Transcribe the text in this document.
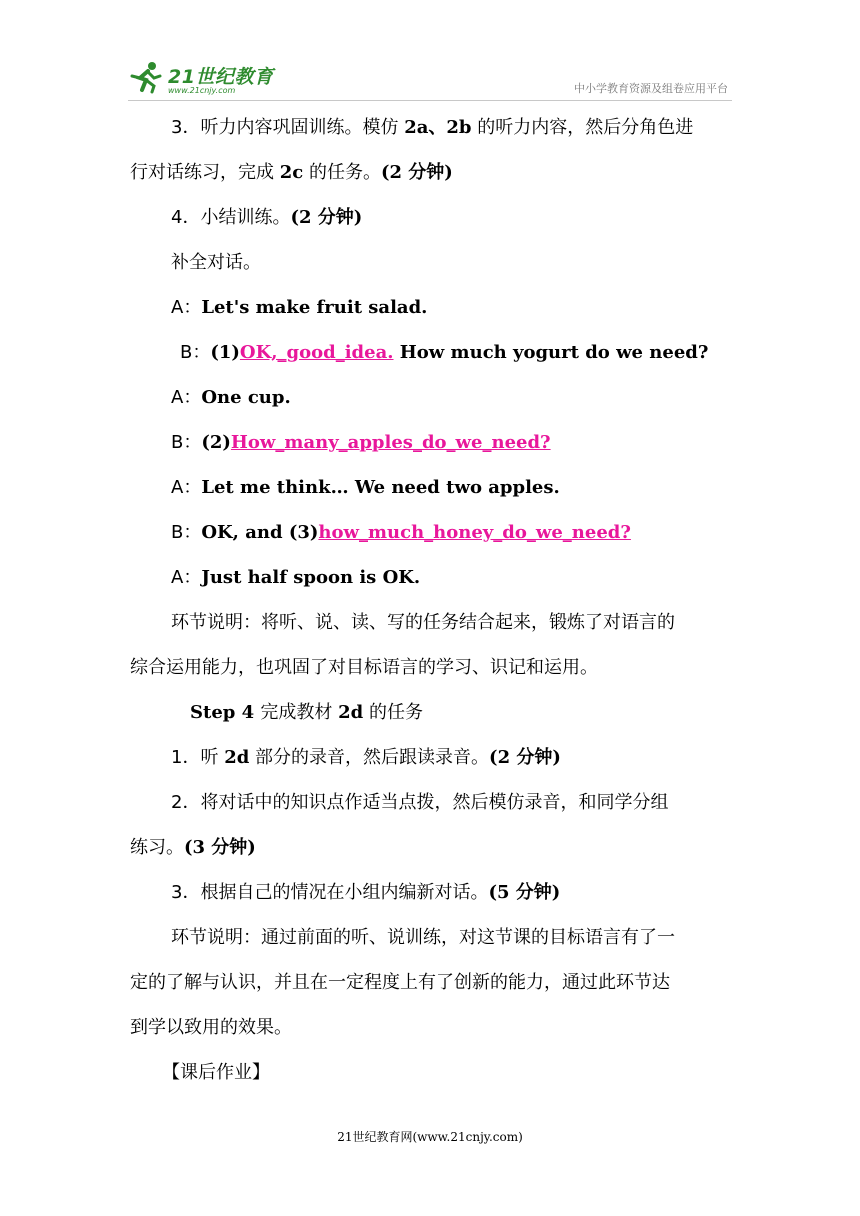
21世纪教育
www.21cnjy.com	中小学教育资源及组卷应用平台
3．听力内容巩固训练。模仿 2a、2b 的听力内容，然后分角色进
行对话练习，完成 2c 的任务。(2 分钟)
4．小结训练。(2 分钟)
补全对话。
A：Let's make fruit salad.
B：(1)OK,_good_idea. How much yogurt do we need?
A：One cup.
B：(2)How_many_apples_do_we_need?
A：Let me think… We need two apples.
B：OK, and (3)how_much_honey_do_we_need?
A：Just half spoon is OK.
环节说明：将听、说、读、写的任务结合起来，锻炼了对语言的
综合运用能力，也巩固了对目标语言的学习、识记和运用。
Step 4 完成教材 2d 的任务
1．听 2d 部分的录音，然后跟读录音。(2 分钟)
2．将对话中的知识点作适当点拨，然后模仿录音，和同学分组
练习。(3 分钟)
3．根据自己的情况在小组内编新对话。(5 分钟)
环节说明：通过前面的听、说训练，对这节课的目标语言有了一
定的了解与认识，并且在一定程度上有了创新的能力，通过此环节达
到学以致用的效果。
【课后作业】
21世纪教育网(www.21cnjy.com)
